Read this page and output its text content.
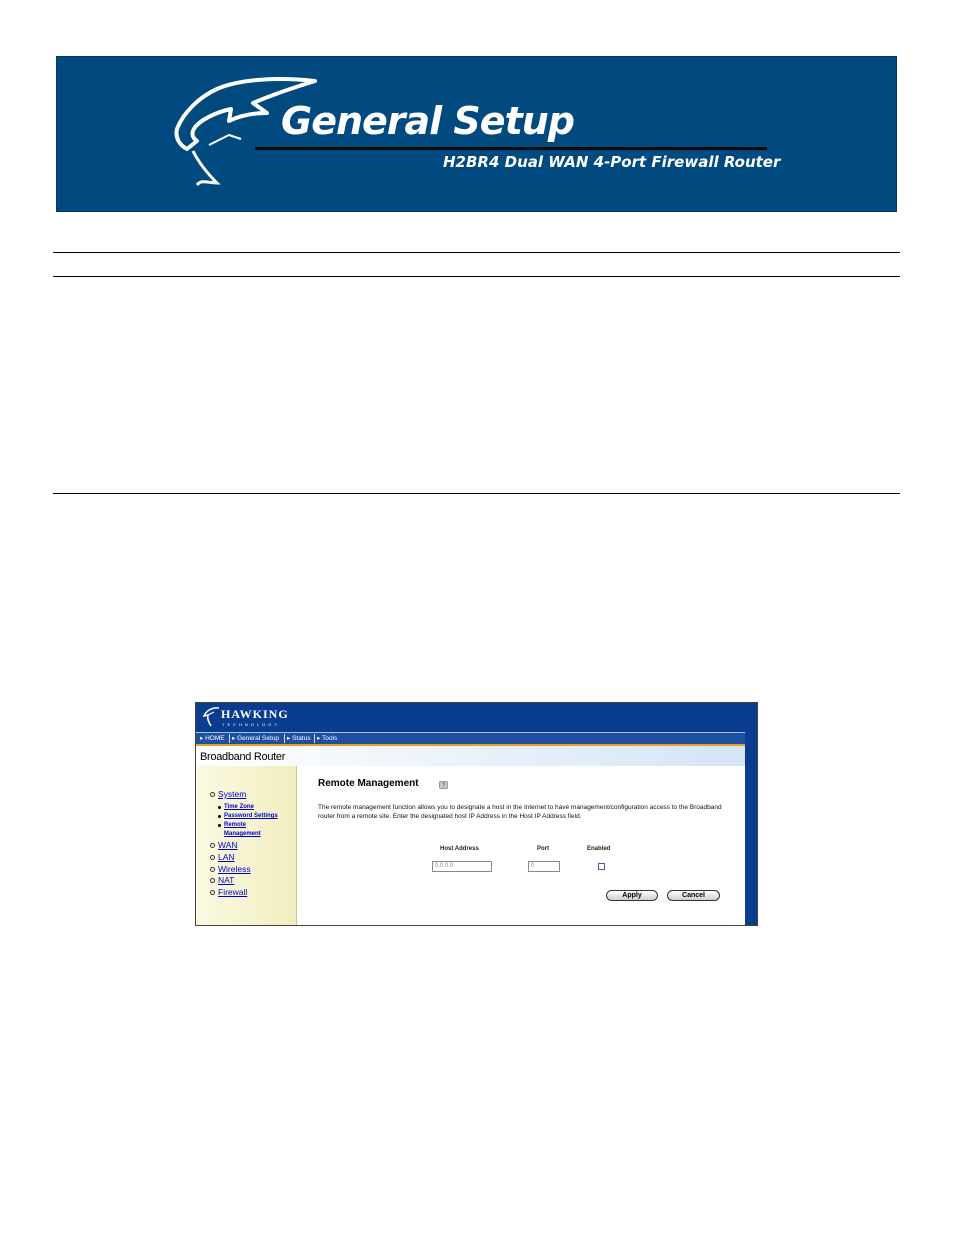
General Setup
H2BR4 Dual WAN 4-Port Firewall Router
HAWKING
TECHNOLOGY
▸ HOME ▸ General Setup ▸ Status ▸ Tools
Broadband Router
System
Time Zone
Password Settings
Remote
Management
WAN
LAN
Wireless
NAT
Firewall
Remote Management	?
The remote management function allows you to designate a host in the Internet to have management/configuration access to the Broadband router from a remote site. Enter the designated host IP Address in the Host IP Address field.
Host Address	Port	Enabled
0.0.0.0	0
Apply	Cancel
